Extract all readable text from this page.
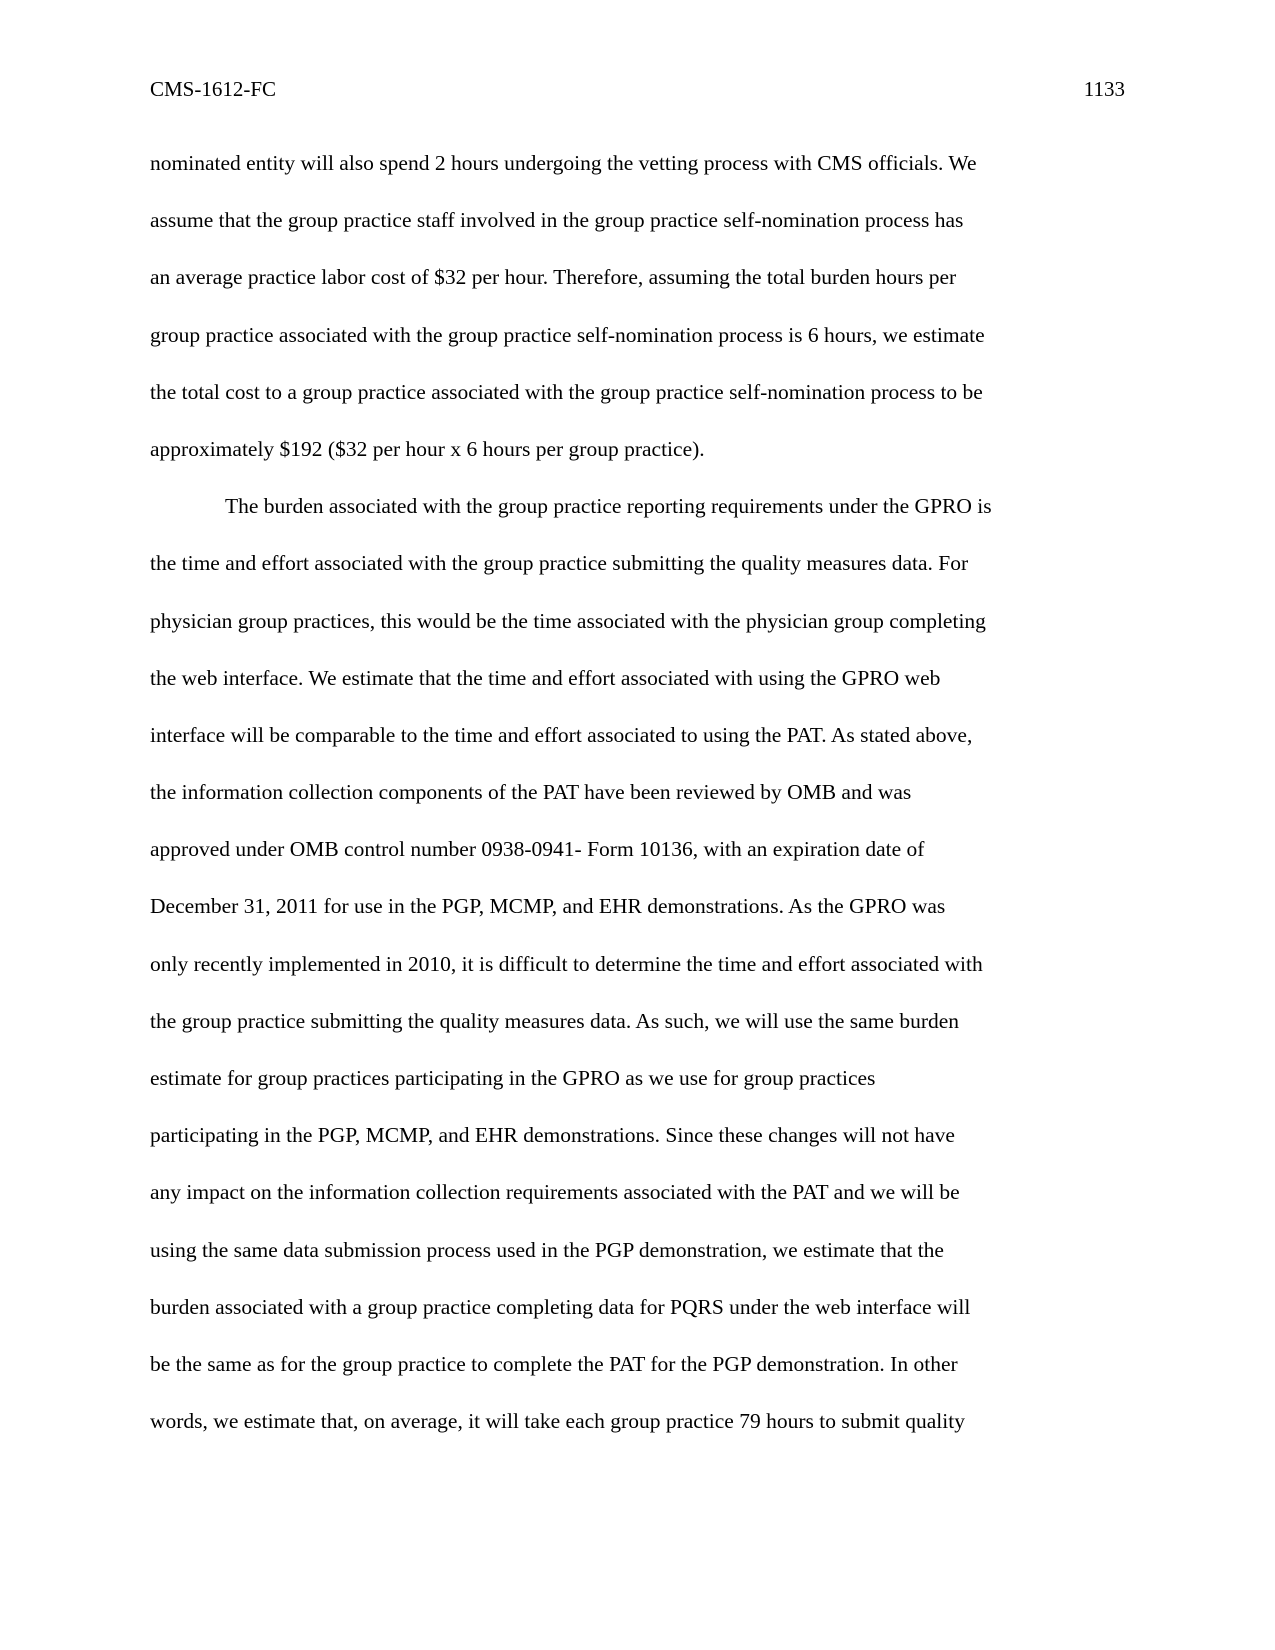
CMS-1612-FC	1133
nominated entity will also spend 2 hours undergoing the vetting process with CMS officials. We
assume that the group practice staff involved in the group practice self-nomination process has
an average practice labor cost of $32 per hour. Therefore, assuming the total burden hours per
group practice associated with the group practice self-nomination process is 6 hours, we estimate
the total cost to a group practice associated with the group practice self-nomination process to be
approximately $192 ($32 per hour x 6 hours per group practice).
The burden associated with the group practice reporting requirements under the GPRO is
the time and effort associated with the group practice submitting the quality measures data. For
physician group practices, this would be the time associated with the physician group completing
the web interface. We estimate that the time and effort associated with using the GPRO web
interface will be comparable to the time and effort associated to using the PAT. As stated above,
the information collection components of the PAT have been reviewed by OMB and was
approved under OMB control number 0938-0941- Form 10136, with an expiration date of
December 31, 2011 for use in the PGP, MCMP, and EHR demonstrations. As the GPRO was
only recently implemented in 2010, it is difficult to determine the time and effort associated with
the group practice submitting the quality measures data. As such, we will use the same burden
estimate for group practices participating in the GPRO as we use for group practices
participating in the PGP, MCMP, and EHR demonstrations. Since these changes will not have
any impact on the information collection requirements associated with the PAT and we will be
using the same data submission process used in the PGP demonstration, we estimate that the
burden associated with a group practice completing data for PQRS under the web interface will
be the same as for the group practice to complete the PAT for the PGP demonstration. In other
words, we estimate that, on average, it will take each group practice 79 hours to submit quality
